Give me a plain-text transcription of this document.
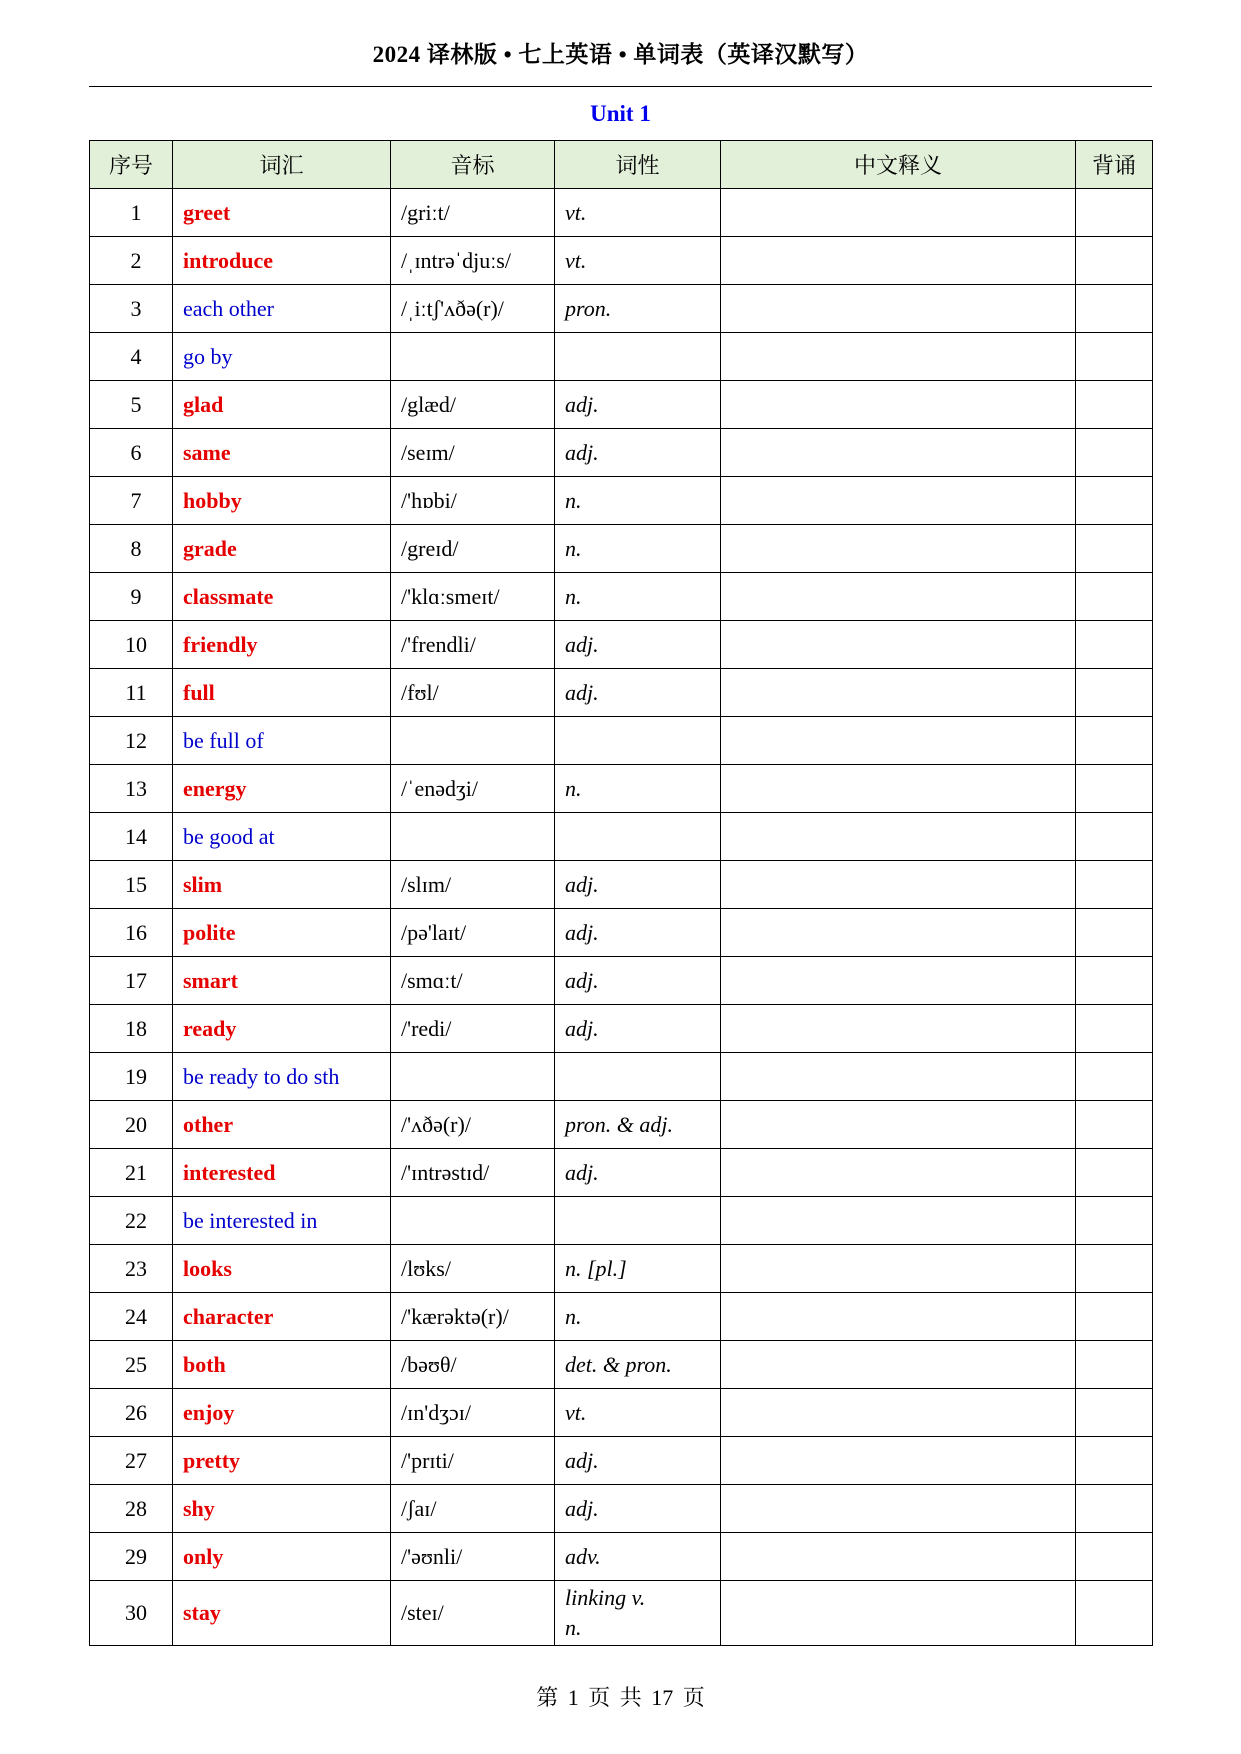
2024 译林版 • 七上英语 • 单词表（英译汉默写）
Unit 1
序号	词汇	音标	词性	中文释义	背诵
1	greet	/griːt/	vt.		
2	introduce	/ˌɪntrəˈdjuːs/	vt.		
3	each other	/ˌiːtʃ'ʌðə(r)/	pron.		
4	go by				
5	glad	/glæd/	adj.		
6	same	/seɪm/	adj.		
7	hobby	/'hɒbi/	n.		
8	grade	/greɪd/	n.		
9	classmate	/'klɑːsmeɪt/	n.		
10	friendly	/'frendli/	adj.		
11	full	/fʊl/	adj.		
12	be full of				
13	energy	/ˈenədʒi/	n.		
14	be good at				
15	slim	/slɪm/	adj.		
16	polite	/pə'laɪt/	adj.		
17	smart	/smɑːt/	adj.		
18	ready	/'redi/	adj.		
19	be ready to do sth				
20	other	/'ʌðə(r)/	pron. & adj.		
21	interested	/'ɪntrəstɪd/	adj.		
22	be interested in				
23	looks	/lʊks/	n. [pl.]		
24	character	/'kærəktə(r)/	n.		
25	both	/bəʊθ/	det. & pron.		
26	enjoy	/ɪn'dʒɔɪ/	vt.		
27	pretty	/'prɪti/	adj.		
28	shy	/ʃaɪ/	adj.		
29	only	/'əʊnli/	adv.		
30	stay	/steɪ/	linking v.
n.		

第 1 页 共 17 页
